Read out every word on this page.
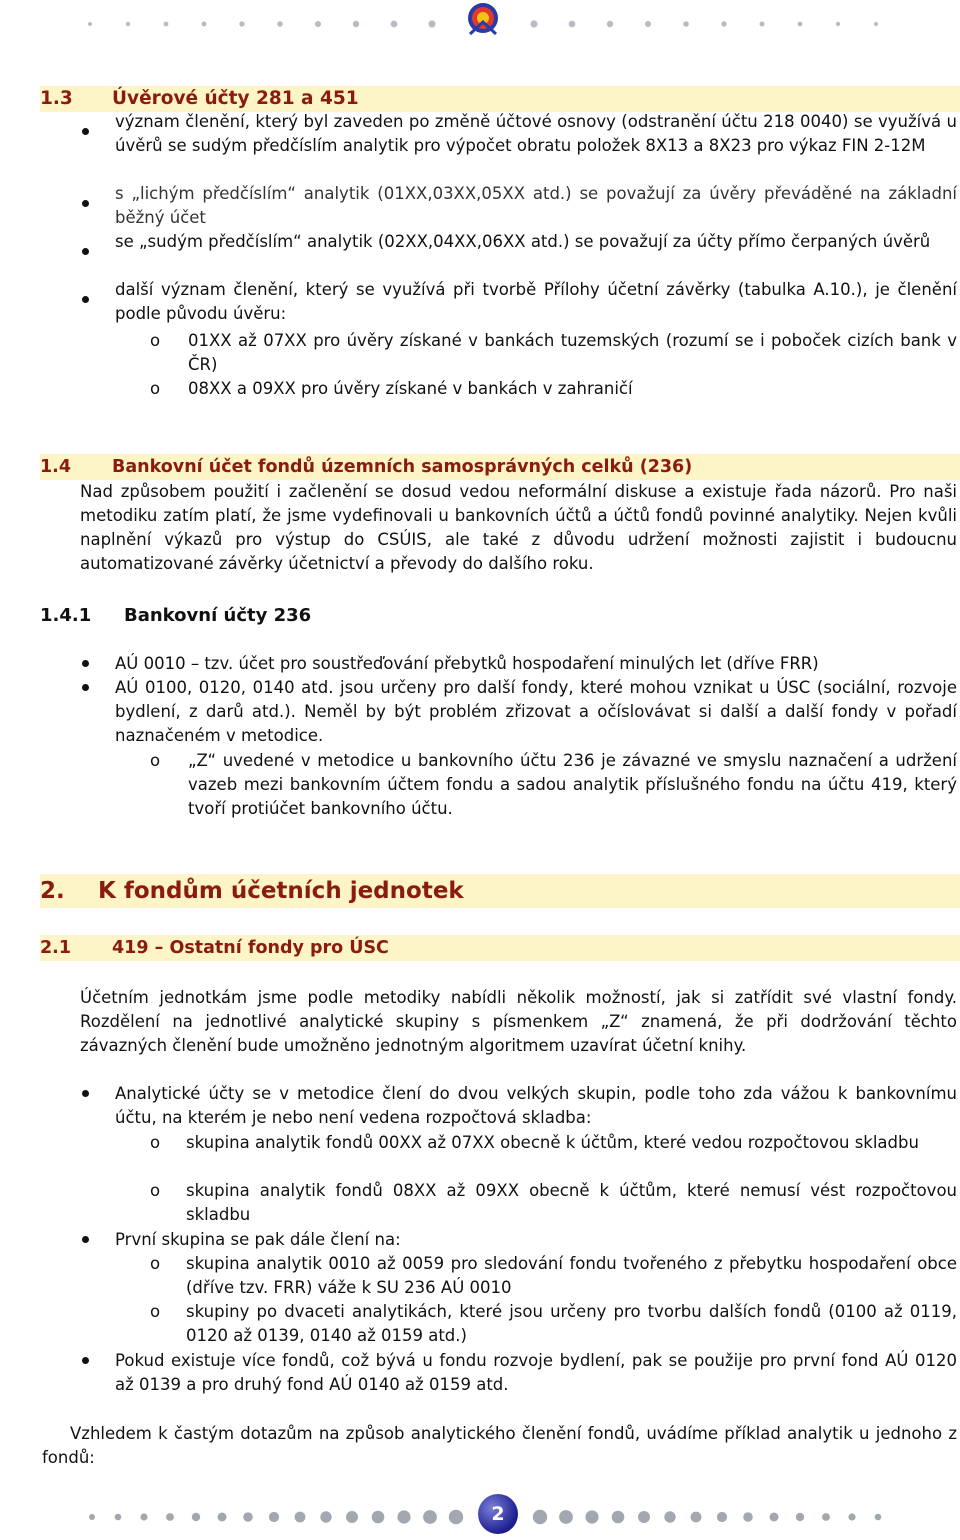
1.3 Úvěrové účty 281 a 451

význam členění, který byl zaveden po změně účtové osnovy (odstranění účtu 218 0040) se využívá u úvěrů se sudým předčíslím analytik pro výpočet obratu položek 8X13 a 8X23 pro výkaz FIN 2-12M

s „lichým předčíslím“ analytik (01XX,03XX,05XX atd.) se považují za úvěry převáděné na základní běžný účet

se „sudým předčíslím“ analytik (02XX,04XX,06XX atd.) se považují za účty přímo čerpaných úvěrů

další význam členění, který se využívá při tvorbě Přílohy účetní závěrky (tabulka A.10.), je členění podle původu úvěru:

o 01XX až 07XX pro úvěry získané v bankách tuzemských (rozumí se i poboček cizích bank v ČR)

o 08XX a 09XX pro úvěry získané v bankách v zahraničí

1.4 Bankovní účet fondů územních samosprávných celků (236)

Nad způsobem použití i začlenění se dosud vedou neformální diskuse a existuje řada názorů. Pro naši metodiku zatím platí, že jsme vydefinovali u bankovních účtů a účtů fondů povinné analytiky. Nejen kvůli naplnění výkazů pro výstup do CSÚIS, ale také z důvodu udržení možnosti zajistit i budoucnu automatizované závěrky účetnictví a převody do dalšího roku.

1.4.1 Bankovní účty 236

AÚ 0010 – tzv. účet pro soustřeďování přebytků hospodaření minulých let (dříve FRR)

AÚ 0100, 0120, 0140 atd. jsou určeny pro další fondy, které mohou vznikat u ÚSC (sociální, rozvoje bydlení, z darů atd.). Neměl by být problém zřizovat a očíslovávat si další a další fondy v pořadí naznačeném v metodice.

o „Z“ uvedené v metodice u bankovního účtu 236 je závazné ve smyslu naznačení a udržení vazeb mezi bankovním účtem fondu a sadou analytik příslušného fondu na účtu 419, který tvoří protiúčet bankovního účtu.

2. K fondům účetních jednotek
2.1 419 – Ostatní fondy pro ÚSC

Účetním jednotkám jsme podle metodiky nabídli několik možností, jak si zatřídit své vlastní fondy. Rozdělení na jednotlivé analytické skupiny s písmenkem „Z“ znamená, že při dodržování těchto závazných členění bude umožněno jednotným algoritmem uzavírat účetní knihy.

Analytické účty se v metodice člení do dvou velkých skupin, podle toho zda vážou k bankovnímu účtu, na kterém je nebo není vedena rozpočtová skladba:

o skupina analytik fondů 00XX až 07XX obecně k účtům, které vedou rozpočtovou skladbu

o skupina analytik fondů 08XX až 09XX obecně k účtům, které nemusí vést rozpočtovou skladbu

První skupina se pak dále člení na:

o skupina analytik 0010 až 0059 pro sledování fondu tvořeného z přebytku hospodaření obce (dříve tzv. FRR) váže k SU 236 AÚ 0010

o skupiny po dvaceti analytikách, které jsou určeny pro tvorbu dalších fondů (0100 až 0119, 0120 až 0139, 0140 až 0159 atd.)

Pokud existuje více fondů, což bývá u fondu rozvoje bydlení, pak se použije pro první fond AÚ 0120 až 0139 a pro druhý fond AÚ 0140 až 0159 atd.

Vzhledem k častým dotazům na způsob analytického členění fondů, uvádíme příklad analytik u jednoho z fondů:

2
